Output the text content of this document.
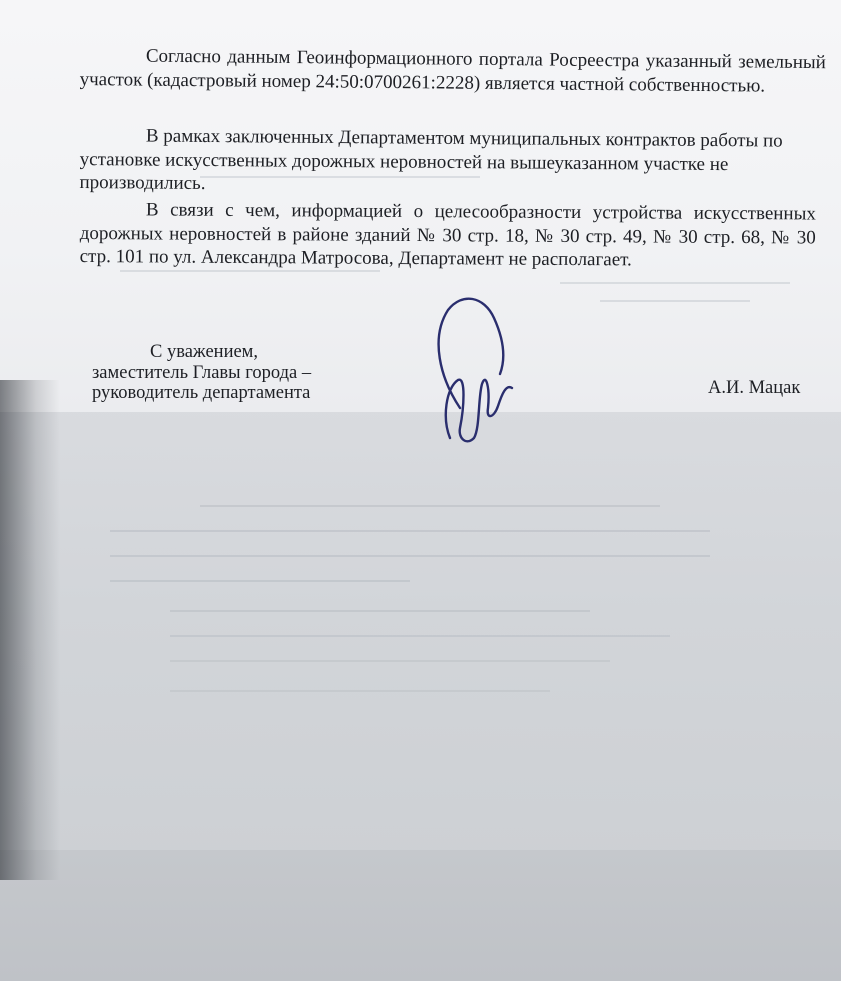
Согласно данным Геоинформационного портала Росреестра указанный земельный участок (кадастровый номер 24:50:0700261:2228) является частной собственностью.

В рамках заключенных Департаментом муниципальных контрактов работы по установке искусственных дорожных неровностей на вышеуказанном участке не производились.

В связи с чем, информацией о целесообразности устройства искусственных дорожных неровностей в районе зданий № 30 стр. 18, № 30 стр. 49, № 30 стр. 68, № 30 стр. 101 по ул. Александра Матросова, Департамент не располагает.

С уважением,
заместитель Главы города –
руководитель департамента	А.И. Мацак
